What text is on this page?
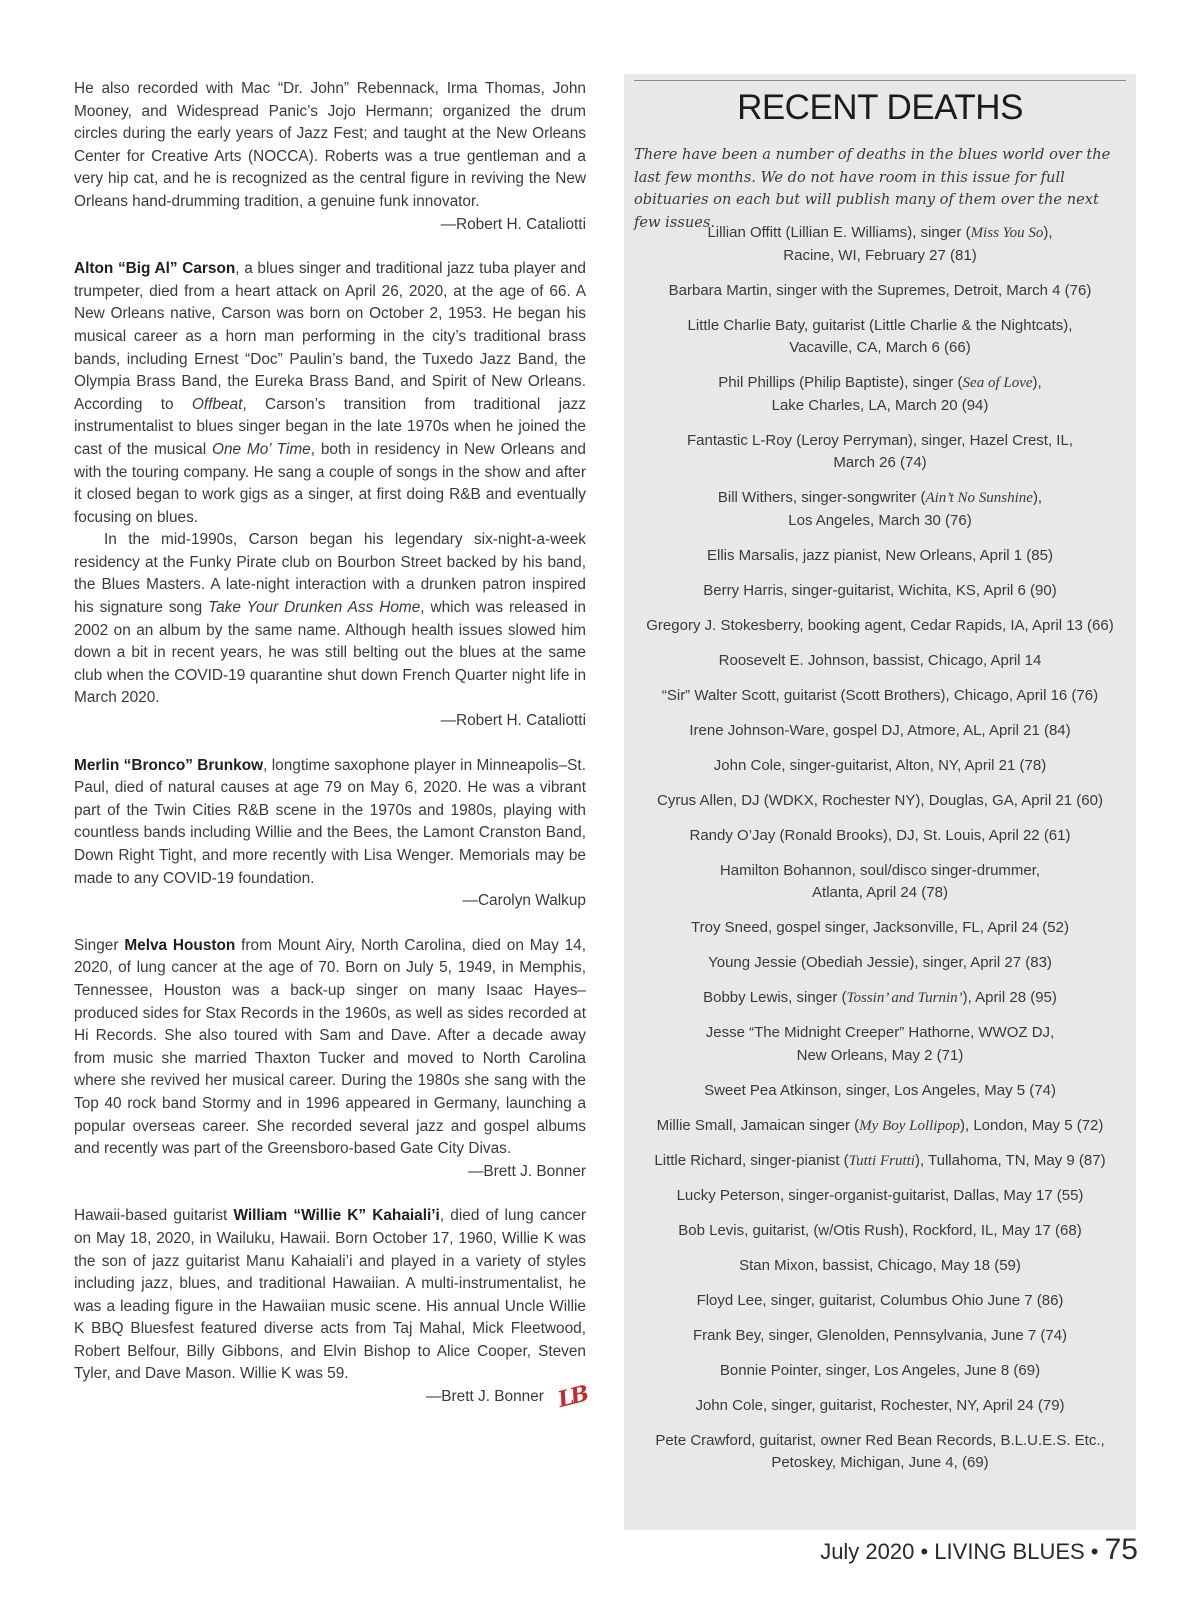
He also recorded with Mac “Dr. John” Rebennack, Irma Thomas, John Mooney, and Widespread Panic’s Jojo Hermann; organized the drum circles during the early years of Jazz Fest; and taught at the New Orleans Center for Creative Arts (NOCCA). Roberts was a true gentleman and a very hip cat, and he is recognized as the central figure in reviving the New Orleans hand-drumming tradition, a genuine funk innovator.

—Robert H. Cataliotti

Alton “Big Al” Carson, a blues singer and traditional jazz tuba player and trumpeter, died from a heart attack on April 26, 2020, at the age of 66. A New Orleans native, Carson was born on October 2, 1953. He began his musical career as a horn man performing in the city’s traditional brass bands, including Ernest “Doc” Paulin’s band, the Tuxedo Jazz Band, the Olympia Brass Band, the Eureka Brass Band, and Spirit of New Orleans. According to Offbeat, Carson’s transition from traditional jazz instrumentalist to blues singer began in the late 1970s when he joined the cast of the musical One Mo’ Time, both in residency in New Orleans and with the touring company. He sang a couple of songs in the show and after it closed began to work gigs as a singer, at first doing R&B and eventually focusing on blues.

In the mid-1990s, Carson began his legendary six-night-a-week residency at the Funky Pirate club on Bourbon Street backed by his band, the Blues Masters. A late-night interaction with a drunken patron inspired his signature song Take Your Drunken Ass Home, which was released in 2002 on an album by the same name. Although health issues slowed him down a bit in recent years, he was still belting out the blues at the same club when the COVID-19 quarantine shut down French Quarter night life in March 2020.

—Robert H. Cataliotti

Merlin “Bronco” Brunkow, longtime saxophone player in Minneapolis–St. Paul, died of natural causes at age 79 on May 6, 2020. He was a vibrant part of the Twin Cities R&B scene in the 1970s and 1980s, playing with countless bands including Willie and the Bees, the Lamont Cranston Band, Down Right Tight, and more recently with Lisa Wenger. Memorials may be made to any COVID-19 foundation.

—Carolyn Walkup

Singer Melva Houston from Mount Airy, North Carolina, died on May 14, 2020, of lung cancer at the age of 70. Born on July 5, 1949, in Memphis, Tennessee, Houston was a back-up singer on many Isaac Hayes–produced sides for Stax Records in the 1960s, as well as sides recorded at Hi Records. She also toured with Sam and Dave. After a decade away from music she married Thaxton Tucker and moved to North Carolina where she revived her musical career. During the 1980s she sang with the Top 40 rock band Stormy and in 1996 appeared in Germany, launching a popular overseas career. She recorded several jazz and gospel albums and recently was part of the Greensboro-based Gate City Divas.

—Brett J. Bonner

Hawaii-based guitarist William “Willie K” Kahaiali’i, died of lung cancer on May 18, 2020, in Wailuku, Hawaii. Born October 17, 1960, Willie K was the son of jazz guitarist Manu Kahaiali’i and played in a variety of styles including jazz, blues, and traditional Hawaiian. A multi-instrumentalist, he was a leading figure in the Hawaiian music scene. His annual Uncle Willie K BBQ Bluesfest featured diverse acts from Taj Mahal, Mick Fleetwood, Robert Belfour, Billy Gibbons, and Elvin Bishop to Alice Cooper, Steven Tyler, and Dave Mason. Willie K was 59.

—Brett J. Bonner LB

RECENT DEATHS
There have been a number of deaths in the blues world over the last few months. We do not have room in this issue for full obituaries on each but will publish many of them over the next few issues.
Lillian Offitt (Lillian E. Williams), singer (Miss You So),
Racine, WI, February 27 (81)
Barbara Martin, singer with the Supremes, Detroit, March 4 (76)
Little Charlie Baty, guitarist (Little Charlie & the Nightcats),
Vacaville, CA, March 6 (66)
Phil Phillips (Philip Baptiste), singer (Sea of Love),
Lake Charles, LA, March 20 (94)
Fantastic L-Roy (Leroy Perryman), singer, Hazel Crest, IL,
March 26 (74)
Bill Withers, singer-songwriter (Ain’t No Sunshine),
Los Angeles, March 30 (76)
Ellis Marsalis, jazz pianist, New Orleans, April 1 (85)
Berry Harris, singer-guitarist, Wichita, KS, April 6 (90)
Gregory J. Stokesberry, booking agent, Cedar Rapids, IA, April 13 (66)
Roosevelt E. Johnson, bassist, Chicago, April 14
“Sir” Walter Scott, guitarist (Scott Brothers), Chicago, April 16 (76)
Irene Johnson-Ware, gospel DJ, Atmore, AL, April 21 (84)
John Cole, singer-guitarist, Alton, NY, April 21 (78)
Cyrus Allen, DJ (WDKX, Rochester NY), Douglas, GA, April 21 (60)
Randy O’Jay (Ronald Brooks), DJ, St. Louis, April 22 (61)
Hamilton Bohannon, soul/disco singer-drummer,
Atlanta, April 24 (78)
Troy Sneed, gospel singer, Jacksonville, FL, April 24 (52)
Young Jessie (Obediah Jessie), singer, April 27 (83)
Bobby Lewis, singer (Tossin’ and Turnin’), April 28 (95)
Jesse “The Midnight Creeper” Hathorne, WWOZ DJ,
New Orleans, May 2 (71)
Sweet Pea Atkinson, singer, Los Angeles, May 5 (74)
Millie Small, Jamaican singer (My Boy Lollipop), London, May 5 (72)
Little Richard, singer-pianist (Tutti Frutti), Tullahoma, TN, May 9 (87)
Lucky Peterson, singer-organist-guitarist, Dallas, May 17 (55)
Bob Levis, guitarist, (w/Otis Rush), Rockford, IL, May 17 (68)
Stan Mixon, bassist, Chicago, May 18 (59)
Floyd Lee, singer, guitarist, Columbus Ohio June 7 (86)
Frank Bey, singer, Glenolden, Pennsylvania, June 7 (74)
Bonnie Pointer, singer, Los Angeles, June 8 (69)
John Cole, singer, guitarist, Rochester, NY, April 24 (79)
Pete Crawford, guitarist, owner Red Bean Records, B.L.U.E.S. Etc.,
Petoskey, Michigan, June 4, (69)
July 2020 • LIVING BLUES • 75
